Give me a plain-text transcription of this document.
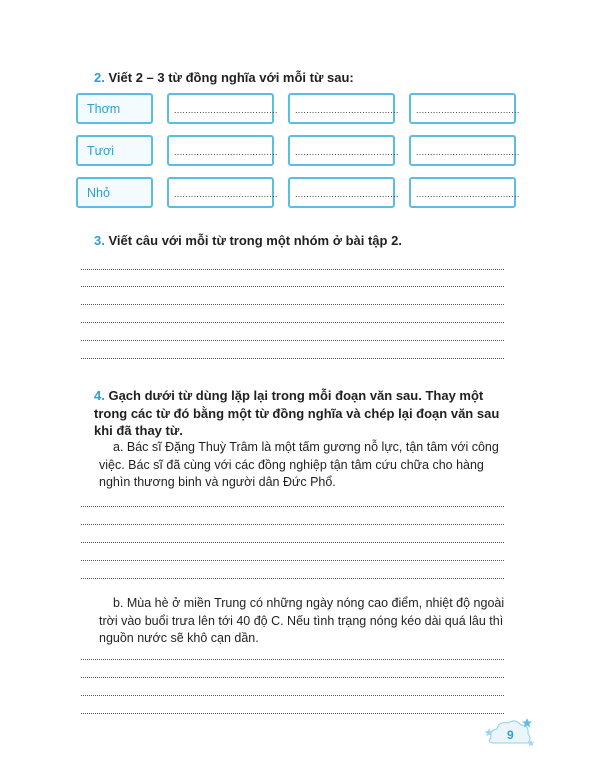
2. Viết 2 – 3 từ đồng nghĩa với mỗi từ sau:
Thơm	..................................... ..................................... .....................................
Tươi	..................................... ..................................... .....................................
Nhỏ	..................................... ..................................... .....................................
3. Viết câu với mỗi từ trong một nhóm ở bài tập 2.
4. Gạch dưới từ dùng lặp lại trong mỗi đoạn văn sau. Thay một trong các từ đó bằng một từ đồng nghĩa và chép lại đoạn văn sau khi đã thay từ.
a. Bác sĩ Đặng Thuỳ Trâm là một tấm gương nỗ lực, tận tâm với công việc. Bác sĩ đã cùng với các đồng nghiệp tận tâm cứu chữa cho hàng nghìn thương binh và người dân Đức Phổ.
b. Mùa hè ở miền Trung có những ngày nóng cao điểm, nhiệt độ ngoài trời vào buổi trưa lên tới 40 độ C. Nếu tình trạng nóng kéo dài quá lâu thì nguồn nước sẽ khô cạn dần.
9
